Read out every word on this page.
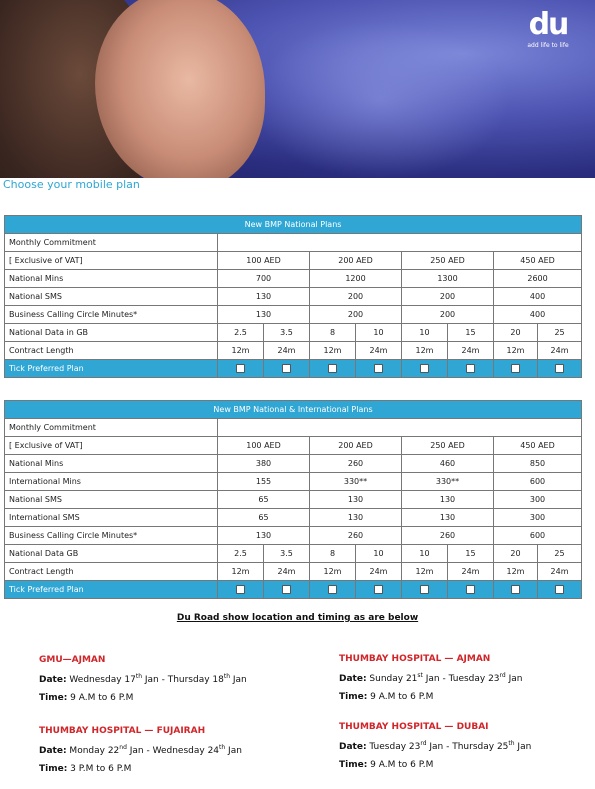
du
add life to life
Choose your mobile plan
New BMP National Plans								

Monthly Commitment								

[ Exclusive of VAT]	100 AED		200 AED		250 AED		450 AED	
National Mins	700		1200		1300		2600	
National SMS	130		200		200		400	
Business Calling Circle Minutes*	130		200		200		400	
National Data in GB	2.5	3.5	8	10	10	15	20	25
Contract Length	12m	24m	12m	24m	12m	24m	12m	24m
Tick Preferred Plan								
New BMP National & International Plans								
Monthly Commitment								
[ Exclusive of VAT]	100 AED		200 AED		250 AED		450 AED	
National Mins	380		260		460		850	
International Mins	155		330**		330**		600	
National SMS	65		130		130		300	
International SMS	65		130		130		300	
Business Calling Circle Minutes*	130		260		260		600	
National Data GB	2.5	3.5	8	10	10	15	20	25
Contract Length	12m	24m	12m	24m	12m	24m	12m	24m
Tick Preferred Plan								
Du Road show location and timing as are below
GMU—AJMAN
Date: Wednesday 17th Jan - Thursday 18th Jan
Time: 9 A.M to 6 P.M
THUMBAY HOSPITAL — FUJAIRAH
Date: Monday 22nd Jan - Wednesday 24th Jan
Time: 3 P.M to 6 P.M
THUMBAY HOSPITAL — AJMAN
Date: Sunday 21st Jan - Tuesday 23rd Jan
Time: 9 A.M to 6 P.M
THUMBAY HOSPITAL — DUBAI
Date: Tuesday 23rd Jan - Thursday 25th Jan
Time: 9 A.M to 6 P.M
